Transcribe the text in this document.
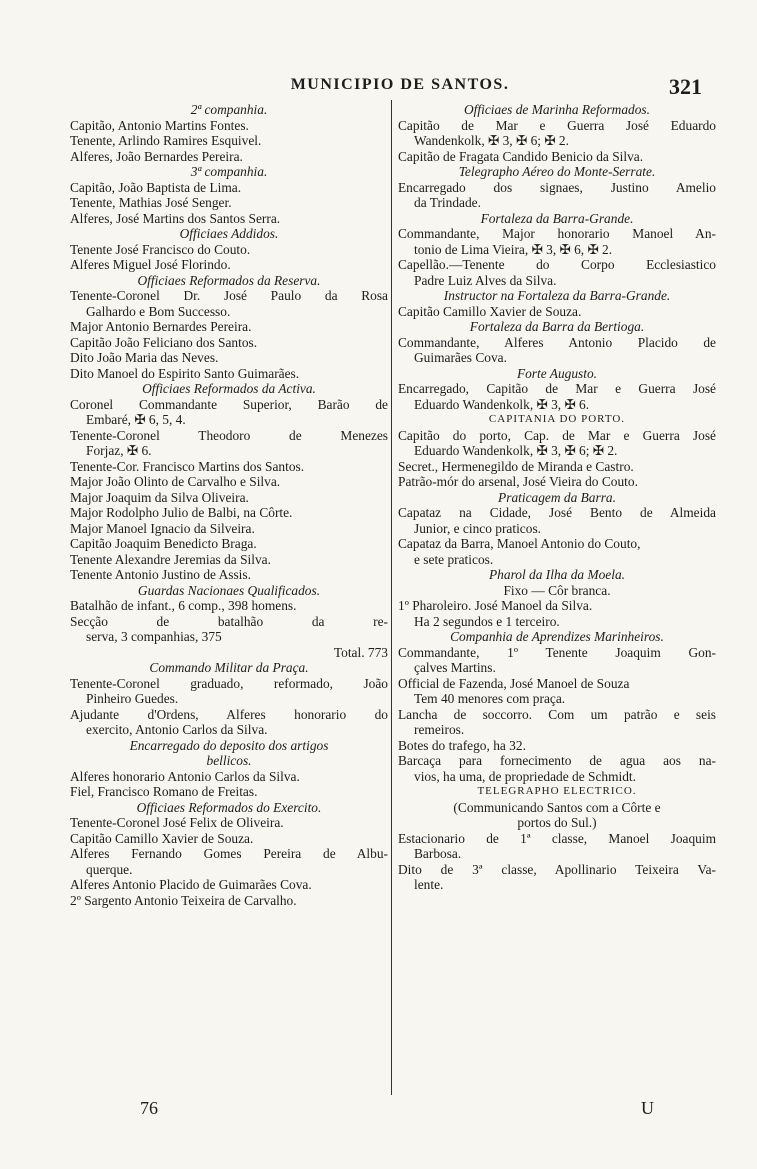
MUNICIPIO DE SANTOS.	321
2ª companhia.
Capitão, Antonio Martins Fontes.
Tenente, Arlindo Ramires Esquivel.
Alferes, João Bernardes Pereira.
3ª companhia.
Capitão, João Baptista de Lima.
Tenente, Mathias José Senger.
Alferes, José Martins dos Santos Serra.
Officiaes Addidos.
Tenente José Francisco do Couto.
Alferes Miguel José Florindo.
Officiaes Reformados da Reserva.
Tenente-Coronel Dr. José Paulo da Rosa
Galhardo e Bom Successo.
Major Antonio Bernardes Pereira.
Capitão João Feliciano dos Santos.
Dito João Maria das Neves.
Dito Manoel do Espirito Santo Guimarães.
Officiaes Reformados da Activa.
Coronel Commandante Superior, Barão de
Embaré, ✠ 6, 5, 4.
Tenente-Coronel Theodoro de Menezes
Forjaz, ✠ 6.
Tenente-Cor. Francisco Martins dos Santos.
Major João Olinto de Carvalho e Silva.
Major Joaquim da Silva Oliveira.
Major Rodolpho Julio de Balbi, na Côrte.
Major Manoel Ignacio da Silveira.
Capitão Joaquim Benedicto Braga.
Tenente Alexandre Jeremias da Silva.
Tenente Antonio Justino de Assis.
Guardas Nacionaes Qualificados.
Batalhão de infant., 6 comp., 398 homens.
Secção de batalhão da re-
serva, 3 companhias, 375
Total. 773
Commando Militar da Praça.
Tenente-Coronel graduado, reformado, João
Pinheiro Guedes.
Ajudante d'Ordens, Alferes honorario do
exercito, Antonio Carlos da Silva.
Encarregado do deposito dos artigos
bellicos.
Alferes honorario Antonio Carlos da Silva.
Fiel, Francisco Romano de Freitas.
Officiaes Reformados do Exercito.
Tenente-Coronel José Felix de Oliveira.
Capitão Camillo Xavier de Souza.
Alferes Fernando Gomes Pereira de Albu-
querque.
Alferes Antonio Placido de Guimarães Cova.
2º Sargento Antonio Teixeira de Carvalho.
Officiaes de Marinha Reformados.
Capitão de Mar e Guerra José Eduardo
Wandenkolk, ✠ 3, ✠ 6; ✠ 2.
Capitão de Fragata Candido Benicio da Silva.
Telegrapho Aéreo do Monte-Serrate.
Encarregado dos signaes, Justino Amelio
da Trindade.
Fortaleza da Barra-Grande.
Commandante, Major honorario Manoel An-
tonio de Lima Vieira, ✠ 3, ✠ 6, ✠ 2.
Capellão.—Tenente do Corpo Ecclesiastico
Padre Luiz Alves da Silva.
Instructor na Fortaleza da Barra-Grande.
Capitão Camillo Xavier de Souza.
Fortaleza da Barra da Bertioga.
Commandante, Alferes Antonio Placido de
Guimarães Cova.
Forte Augusto.
Encarregado, Capitão de Mar e Guerra José
Eduardo Wandenkolk, ✠ 3, ✠ 6.
CAPITANIA DO PORTO.
Capitão do porto, Cap. de Mar e Guerra José
Eduardo Wandenkolk, ✠ 3, ✠ 6; ✠ 2.
Secret., Hermenegildo de Miranda e Castro.
Patrão-mór do arsenal, José Vieira do Couto.
Praticagem da Barra.
Capataz na Cidade, José Bento de Almeida
Junior, e cinco praticos.
Capataz da Barra, Manoel Antonio do Couto,
e sete praticos.
Pharol da Ilha da Moela.
Fixo — Côr branca.
1º Pharoleiro. José Manoel da Silva.
Ha 2 segundos e 1 terceiro.
Companhia de Aprendizes Marinheiros.
Commandante, 1º Tenente Joaquim Gon-
çalves Martins.
Official de Fazenda, José Manoel de Souza
Tem 40 menores com praça.
Lancha de soccorro. Com um patrão e seis
remeiros.
Botes do trafego, ha 32.
Barcaça para fornecimento de agua aos na-
vios, ha uma, de propriedade de Schmidt.
TELEGRAPHO ELECTRICO.
(Communicando Santos com a Côrte e
portos do Sul.)
Estacionario de 1ª classe, Manoel Joaquim
Barbosa.
Dito de 3ª classe, Apollinario Teixeira Va-
lente.
76	U
